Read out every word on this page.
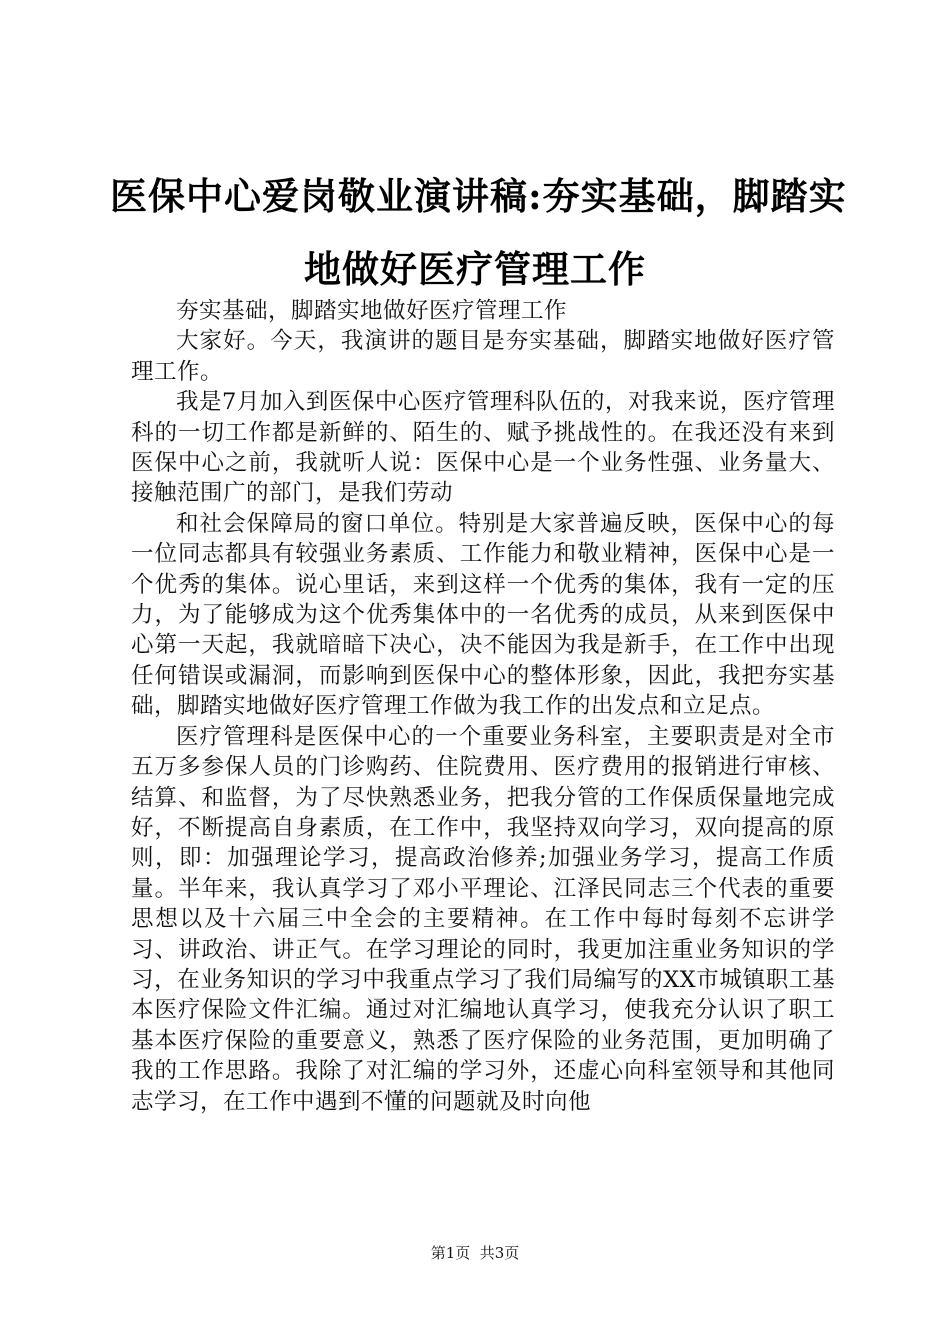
医保中心爱岗敬业演讲稿:夯实基础，脚踏实
地做好医疗管理工作

夯实基础，脚踏实地做好医疗管理工作

大家好。今天，我演讲的题目是夯实基础，脚踏实地做好医疗管理工作。

我是7月加入到医保中心医疗管理科队伍的，对我来说，医疗管理科的一切工作都是新鲜的、陌生的、赋予挑战性的。在我还没有来到医保中心之前，我就听人说：医保中心是一个业务性强、业务量大、接触范围广的部门，是我们劳动

和社会保障局的窗口单位。特别是大家普遍反映，医保中心的每一位同志都具有较强业务素质、工作能力和敬业精神，医保中心是一个优秀的集体。说心里话，来到这样一个优秀的集体，我有一定的压力，为了能够成为这个优秀集体中的一名优秀的成员，从来到医保中心第一天起，我就暗暗下决心，决不能因为我是新手，在工作中出现任何错误或漏洞，而影响到医保中心的整体形象，因此，我把夯实基础，脚踏实地做好医疗管理工作做为我工作的出发点和立足点。

医疗管理科是医保中心的一个重要业务科室，主要职责是对全市五万多参保人员的门诊购药、住院费用、医疗费用的报销进行审核、结算、和监督，为了尽快熟悉业务，把我分管的工作保质保量地完成好，不断提高自身素质，在工作中，我坚持双向学习，双向提高的原则，即：加强理论学习，提高政治修养;加强业务学习，提高工作质量。半年来，我认真学习了邓小平理论、江泽民同志三个代表的重要思想以及十六届三中全会的主要精神。在工作中每时每刻不忘讲学习、讲政治、讲正气。在学习理论的同时，我更加注重业务知识的学习，在业务知识的学习中我重点学习了我们局编写的XX市城镇职工基本医疗保险文件汇编。通过对汇编地认真学习，使我充分认识了职工基本医疗保险的重要意义，熟悉了医疗保险的业务范围，更加明确了我的工作思路。我除了对汇编的学习外，还虚心向科室领导和其他同志学习，在工作中遇到不懂的问题就及时向他

第1页  共3页
